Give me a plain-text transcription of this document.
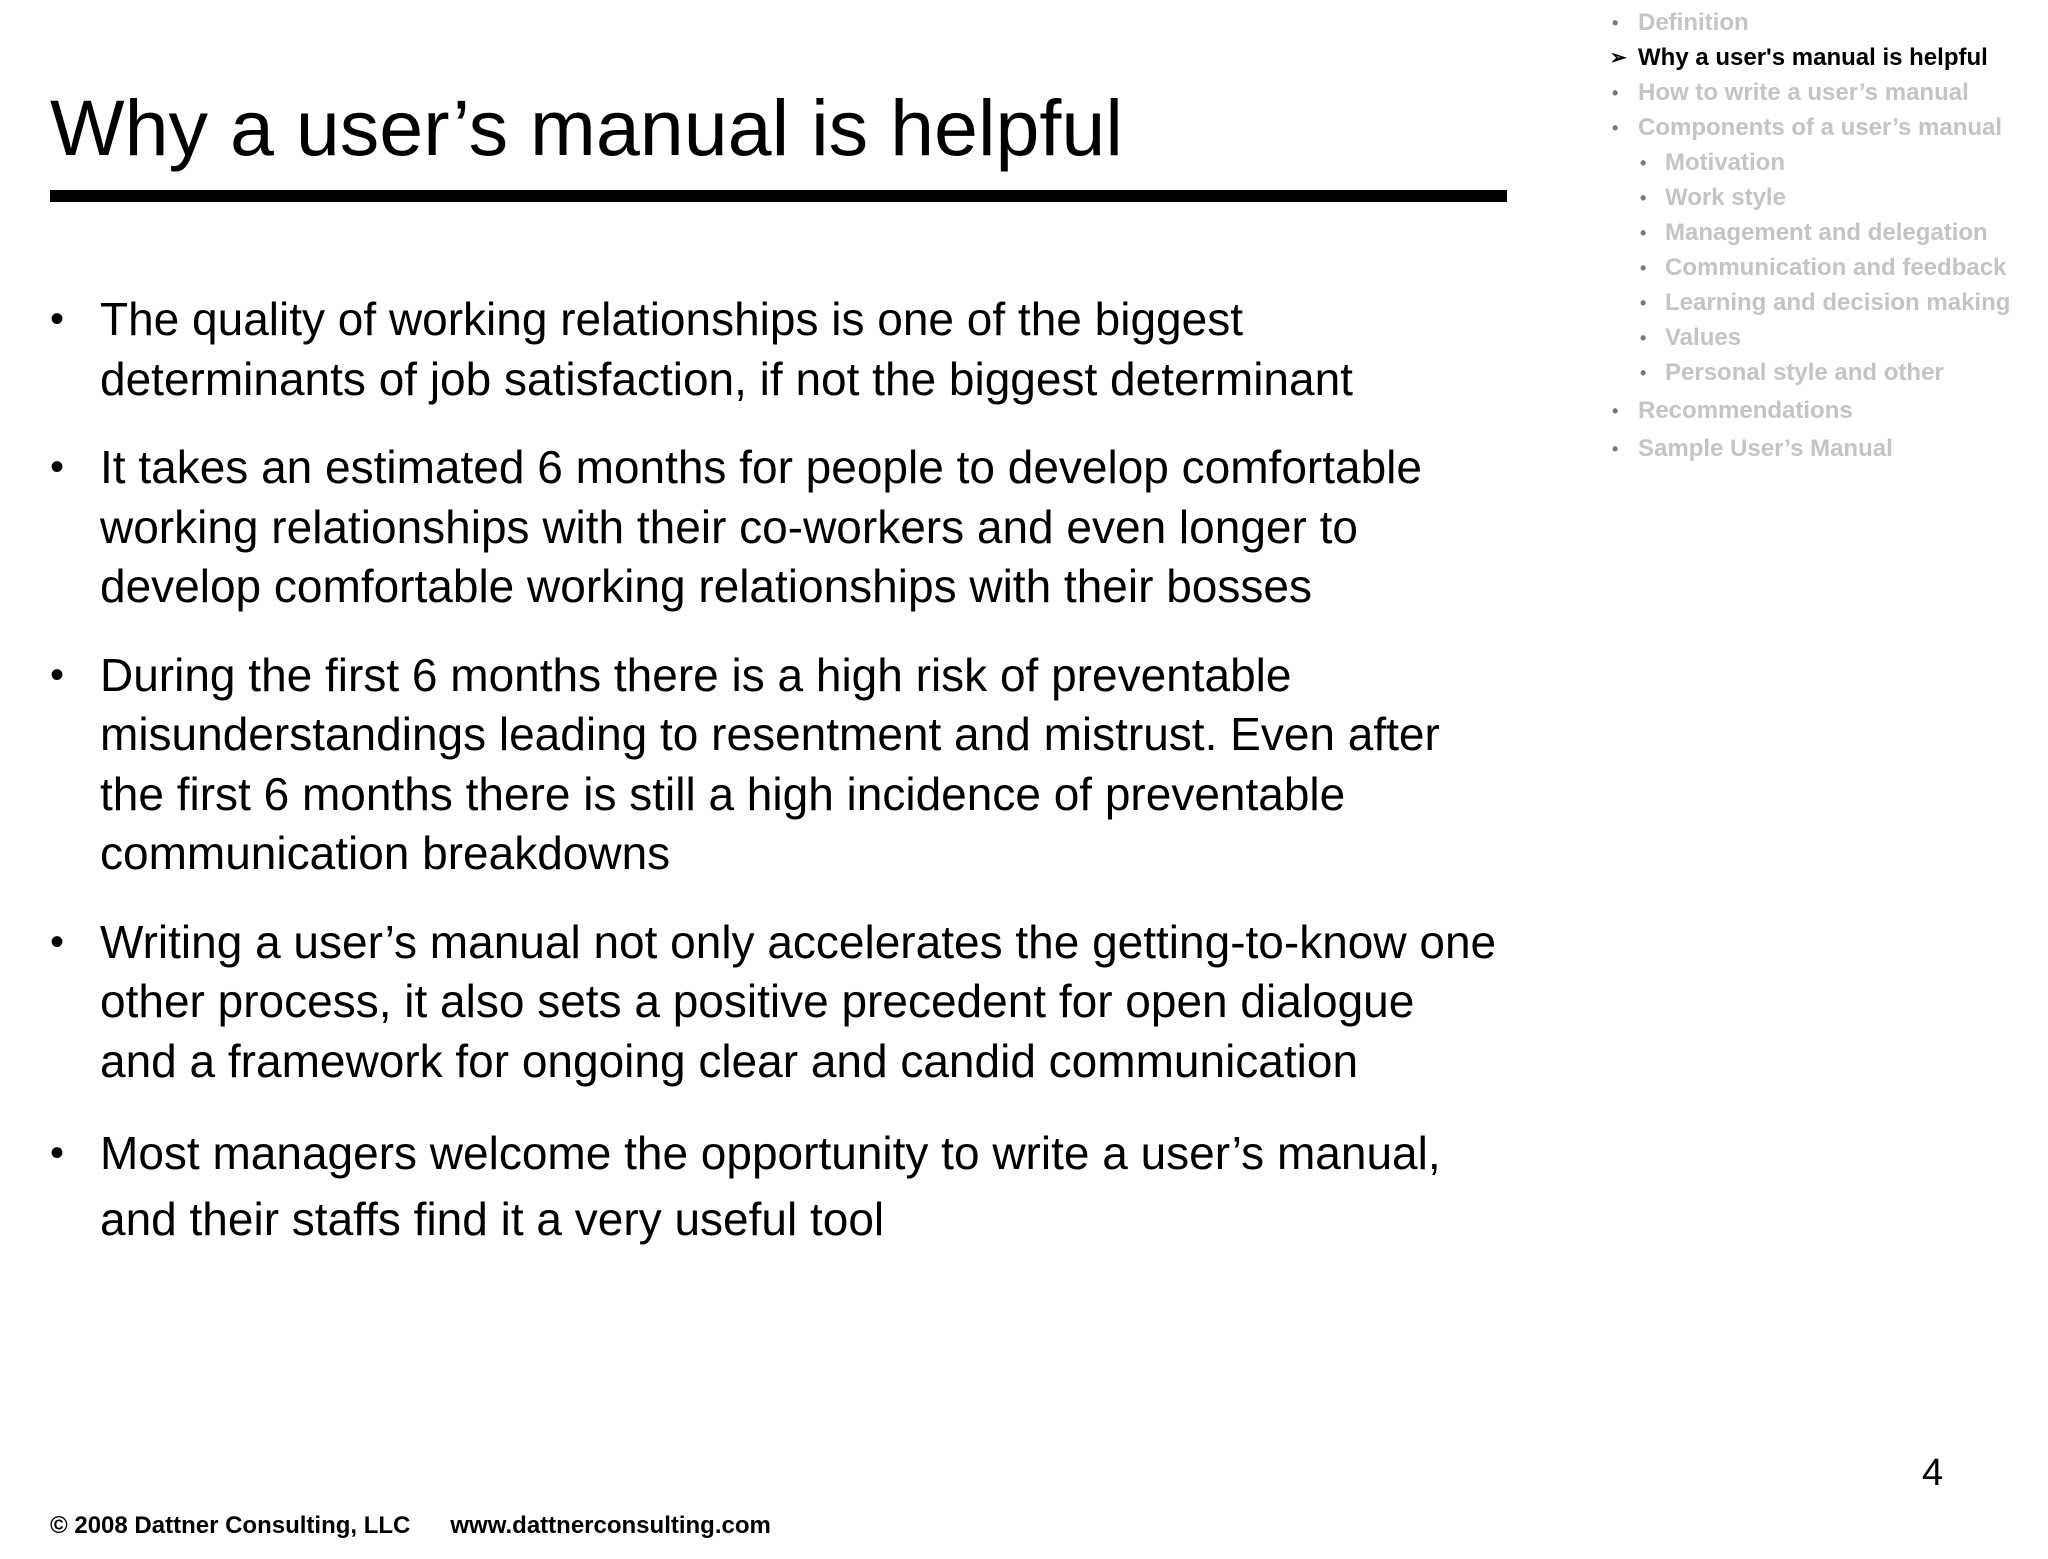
Why a user’s manual is helpful
• The quality of working relationships is one of the biggest determinants of job satisfaction, if not the biggest determinant
• It takes an estimated 6 months for people to develop comfortable working relationships with their co-workers and even longer to develop comfortable working relationships with their bosses
• During the first 6 months there is a high risk of preventable misunderstandings leading to resentment and mistrust. Even after the first 6 months there is still a high incidence of preventable communication breakdowns
• Writing a user’s manual not only accelerates the getting-to-know one other process, it also sets a positive precedent for open dialogue and a framework for ongoing clear and candid communication
• Most managers welcome the opportunity to write a user’s manual, and their staffs find it a very useful tool
• Definition
➢ Why a user's manual is helpful
• How to write a user’s manual
• Components of a user’s manual
• Motivation
• Work style
• Management and delegation
• Communication and feedback
• Learning and decision making
• Values
• Personal style and other
• Recommendations
• Sample User’s Manual
4
© 2008 Dattner Consulting, LLC www.dattnerconsulting.com
